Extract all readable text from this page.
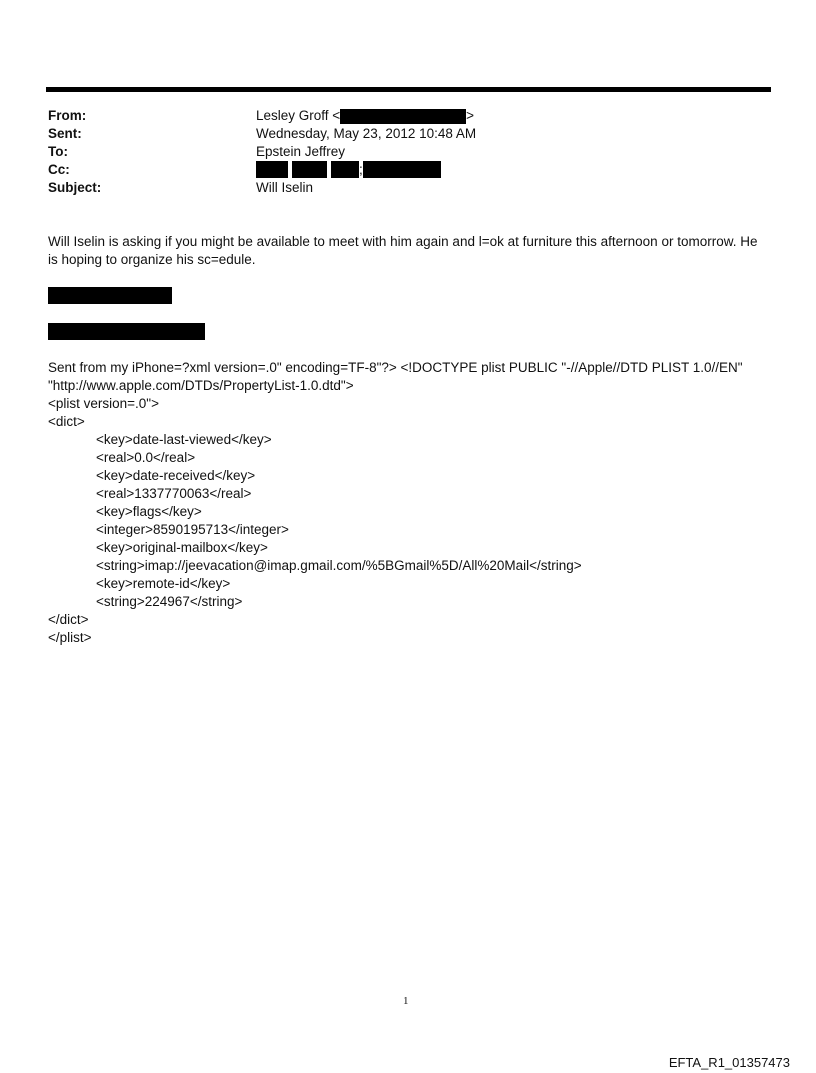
From:	Lesley Groff <	>
Sent:	Wednesday, May 23, 2012 10:48 AM
To:	Epstein Jeffrey
Cc:	;
Subject:	Will Iselin
Will Iselin is asking if you might be available to meet with him again and l=ok at furniture this afternoon or tomorrow. He
is hoping to organize his sc=edule.
Sent from my iPhone=?xml version=.0" encoding=TF-8"?> <!DOCTYPE plist PUBLIC "-//Apple//DTD PLIST 1.0//EN"
"http://www.apple.com/DTDs/PropertyList-1.0.dtd">
<plist version=.0">
<dict>
<key>date-last-viewed</key>
<real>0.0</real>
<key>date-received</key>
<real>1337770063</real>
<key>flags</key>
<integer>8590195713</integer>
<key>original-mailbox</key>
<string>imap://jeevacation@imap.gmail.com/%5BGmail%5D/All%20Mail</string>
<key>remote-id</key>
<string>224967</string>
</dict>
</plist>
1
EFTA_R1_01357473
